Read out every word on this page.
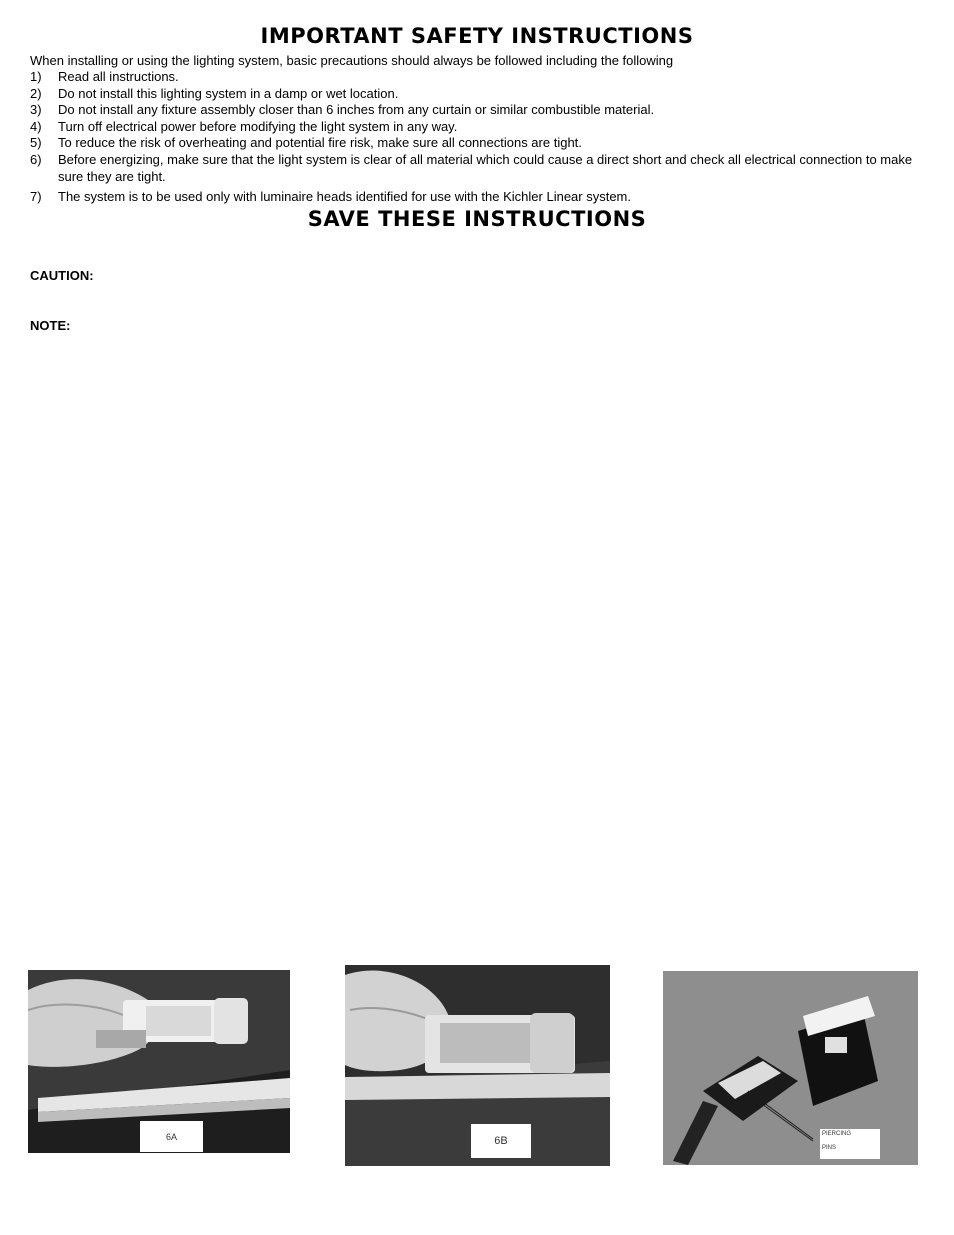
IMPORTANT SAFETY INSTRUCTIONS
When installing or using the lighting system, basic precautions should always be followed including the following
1)	Read all instructions.
2)	Do not install this lighting system in a damp or wet location.
3)	Do not install any fixture assembly closer than 6 inches from any curtain or similar combustible material.
4)	Turn off electrical power before modifying the light system in any way.
5)	To reduce the risk of overheating and potential fire risk, make sure all connections are tight.
6)	Before energizing, make sure that the light system is clear of all material which could cause a direct short and check all electrical connection to make sure they are tight.
7)	The system is to be used only with luminaire heads identified for use with the Kichler Linear system.
SAVE THESE INSTRUCTIONS
CAUTION:
NOTE:
6A	6B
PIERCING

PINS
